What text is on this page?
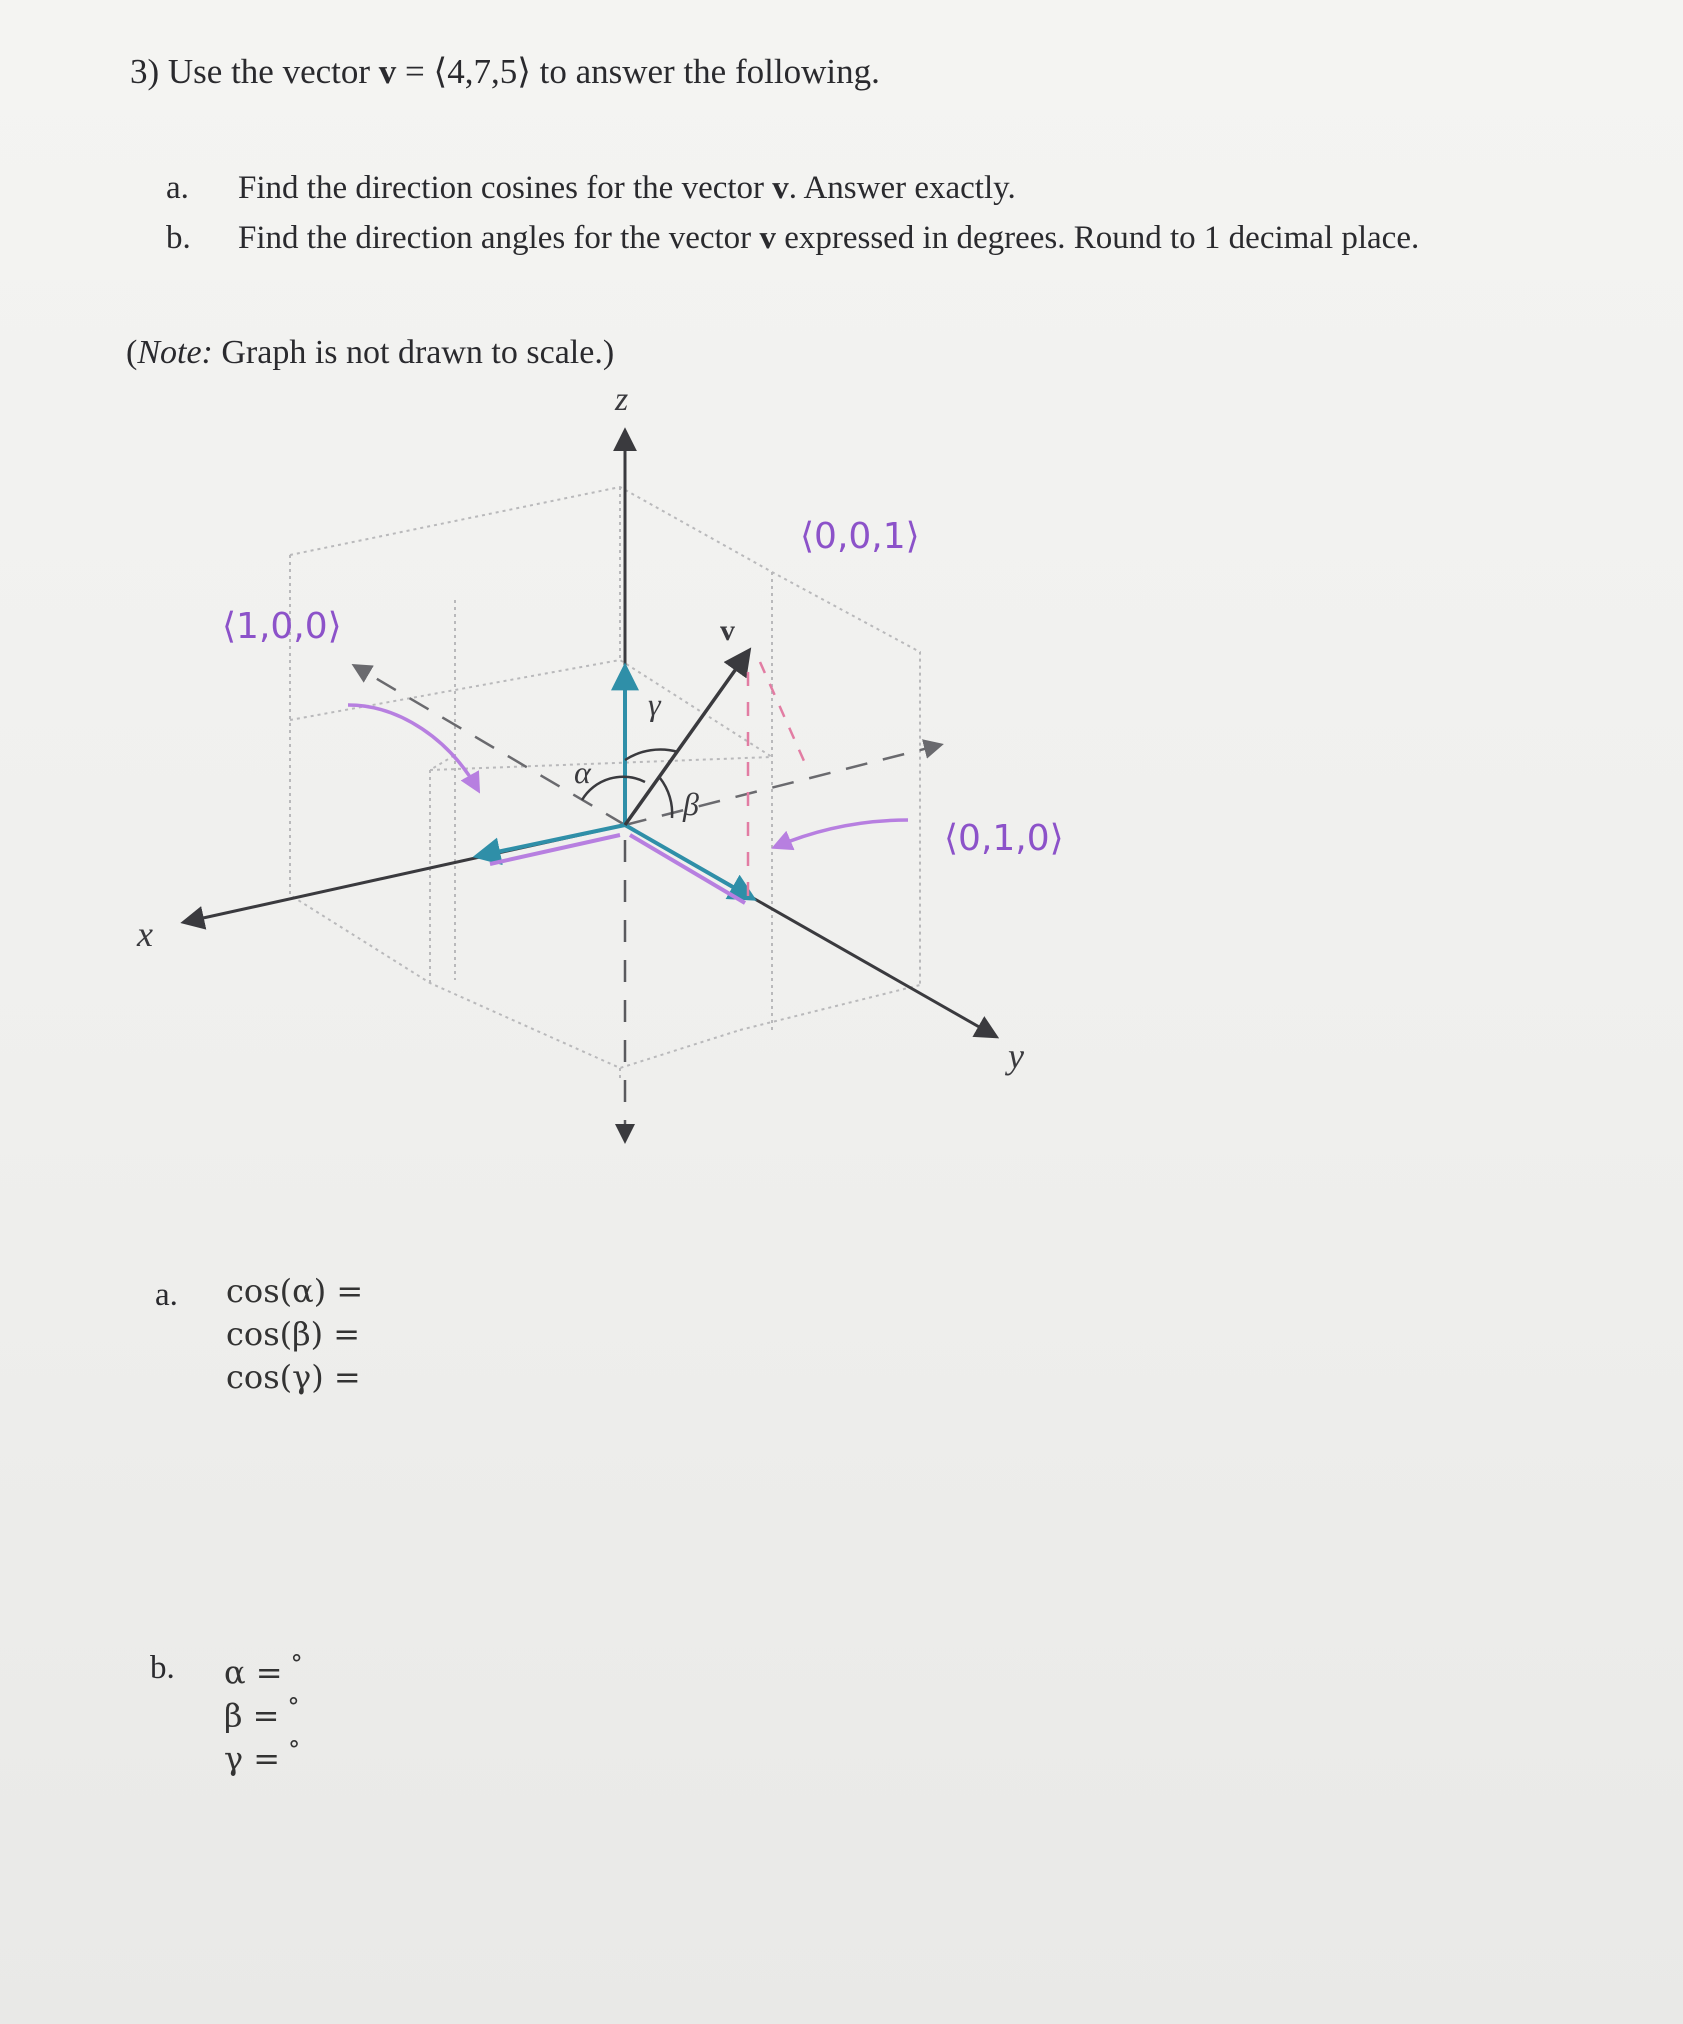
3) Use the vector v = ⟨4,7,5⟩ to answer the following.
a. Find the direction cosines for the vector v. Answer exactly.
b. Find the direction angles for the vector v expressed in degrees. Round to 1 decimal place.
(Note: Graph is not drawn to scale.)
z
x
y
v
α
β
γ
⟨1,0,0⟩
⟨0,0,1⟩
⟨0,1,0⟩
a. cos(α) =
cos(β) =
cos(γ) =
b. α = °
β = °
γ = °
